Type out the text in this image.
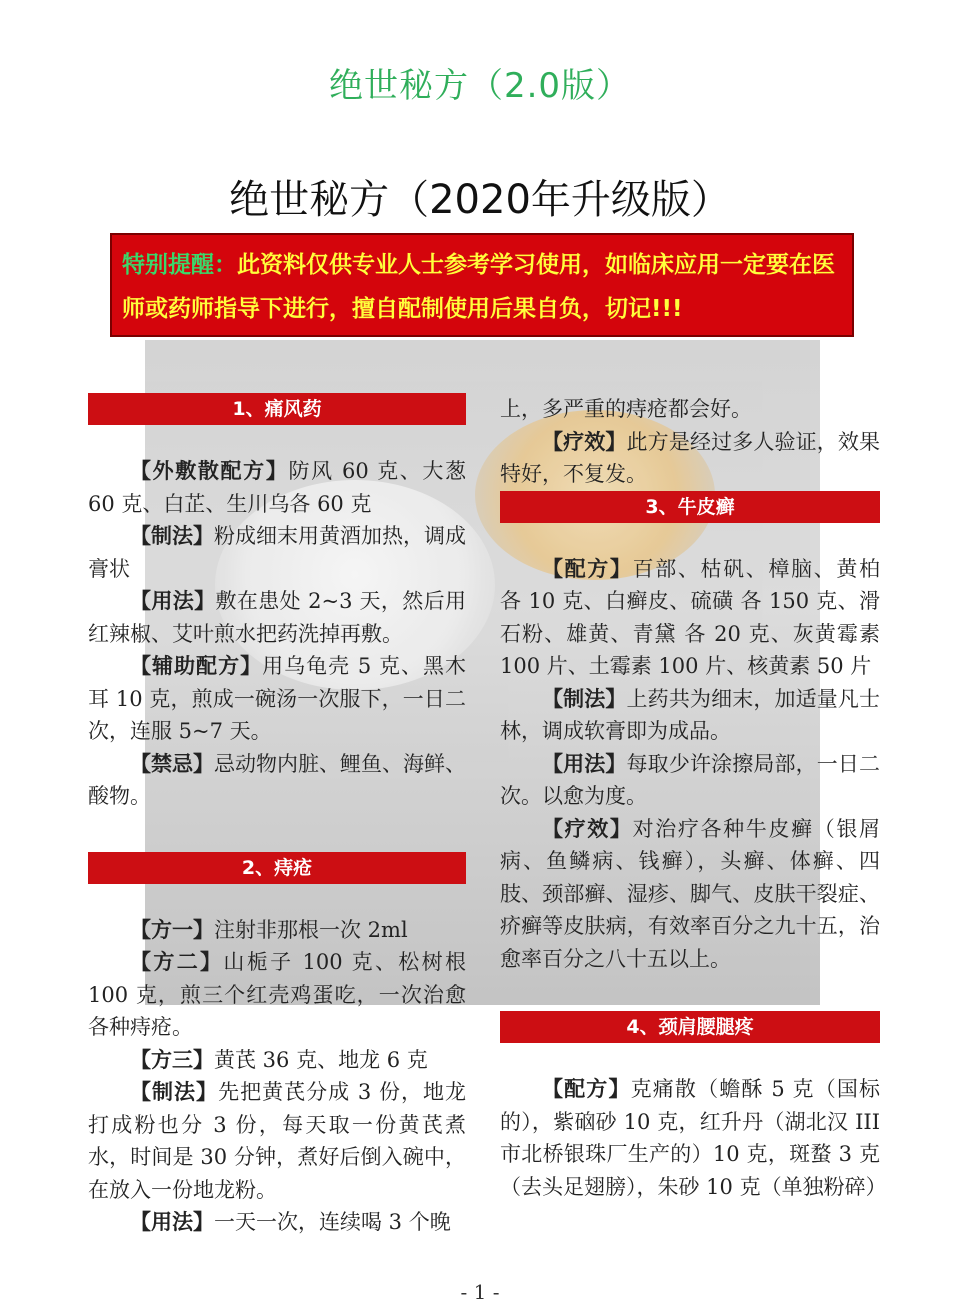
绝世秘方（2.0版）
绝世秘方（2020年升级版）
特别提醒：此资料仅供专业人士参考学习使用，如临床应用一定要在医师或药师指导下进行，擅自配制使用后果自负，切记!!!
1、痛风药

【外敷散配方】防风 60 克、大葱 60 克、白芷、生川乌各 60 克

【制法】粉成细末用黄酒加热，调成膏状

【用法】敷在患处 2~3 天，然后用红辣椒、艾叶煎水把药洗掉再敷。

【辅助配方】用乌龟壳 5 克、黑木耳 10 克，煎成一碗汤一次服下，一日二次，连服 5~7 天。

【禁忌】忌动物内脏、鲤鱼、海鲜、酸物。

2、痔疮

【方一】注射非那根一次 2ml

【方二】山栀子 100 克、松树根 100 克，煎三个红壳鸡蛋吃，一次治愈各种痔疮。

【方三】黄芪 36 克、地龙 6 克

【制法】先把黄芪分成 3 份，地龙打成粉也分 3 份，每天取一份黄芪煮水，时间是 30 分钟，煮好后倒入碗中，在放入一份地龙粉。

【用法】一天一次，连续喝 3 个晚

上，多严重的痔疮都会好。

【疗效】此方是经过多人验证，效果特好，不复发。

3、牛皮癣

【配方】百部、枯矾、樟脑、黄柏 各 10 克、白癣皮、硫磺 各 150 克、滑石粉、雄黄、青黛 各 20 克、灰黄霉素 100 片、土霉素 100 片、核黄素 50 片

【制法】上药共为细末，加适量凡士林，调成软膏即为成品。

【用法】每取少许涂擦局部，一日二次。以愈为度。

【疗效】对治疗各种牛皮癣（银屑病、鱼鳞病、钱癣），头癣、体癣、四肢、颈部癣、湿疹、脚气、皮肤干裂症、疥癣等皮肤病，有效率百分之九十五，治愈率百分之八十五以上。

4、颈肩腰腿疼

【配方】克痛散（蟾酥 5 克（国标的），紫硇砂 10 克，红升丹（湖北汉 III 市北桥银珠厂生产的）10 克，斑蝥 3 克（去头足翅膀），朱砂 10 克（单独粉碎）

- 1 -
